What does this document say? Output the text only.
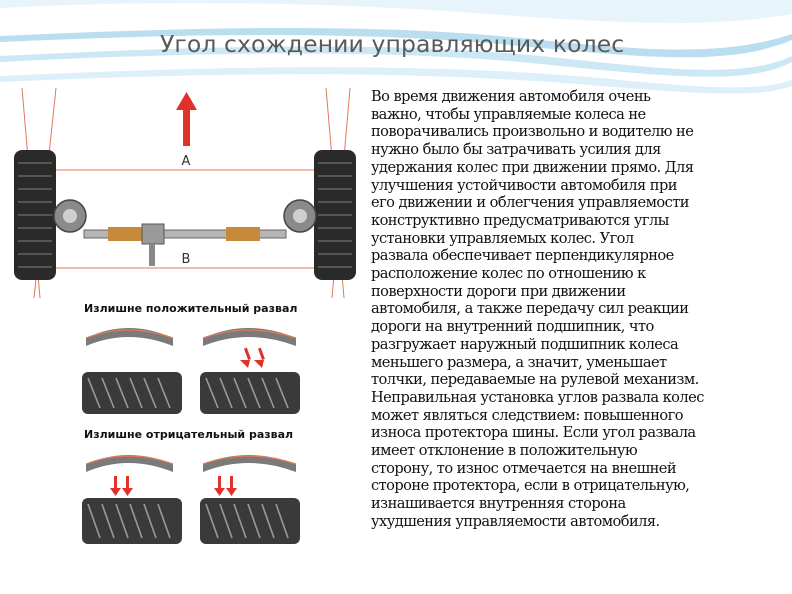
Угол схождении управляющих колес
A
B
Излишне положительный развал
Излишне отрицательный развал
Во время движения автомобиля очень
важно, чтобы управляемые колеса не
поворачивались произвольно и водителю не
нужно было бы затрачивать усилия для
удержания колес при движении прямо. Для
улучшения устойчивости автомобиля при
его движении и облегчения управляемости
конструктивно предусматриваются углы
установки управляемых колес. Угол
развала обеспечивает перпендикулярное
расположение колес по отношению к
поверхности дороги при движении
автомобиля, а также передачу сил реакции
дороги на внутренний подшипник, что
разгружает наружный подшипник колеса
меньшего размера, а значит, уменьшает
толчки, передаваемые на рулевой механизм.
Неправильная установка углов развала колес
может являться следствием: повышенного
износа протектора шины. Если угол развала
имеет отклонение в положительную
сторону, то износ отмечается на внешней
стороне протектора, если в отрицательную,
изнашивается внутренняя сторона
ухудшения управляемости автомобиля.
